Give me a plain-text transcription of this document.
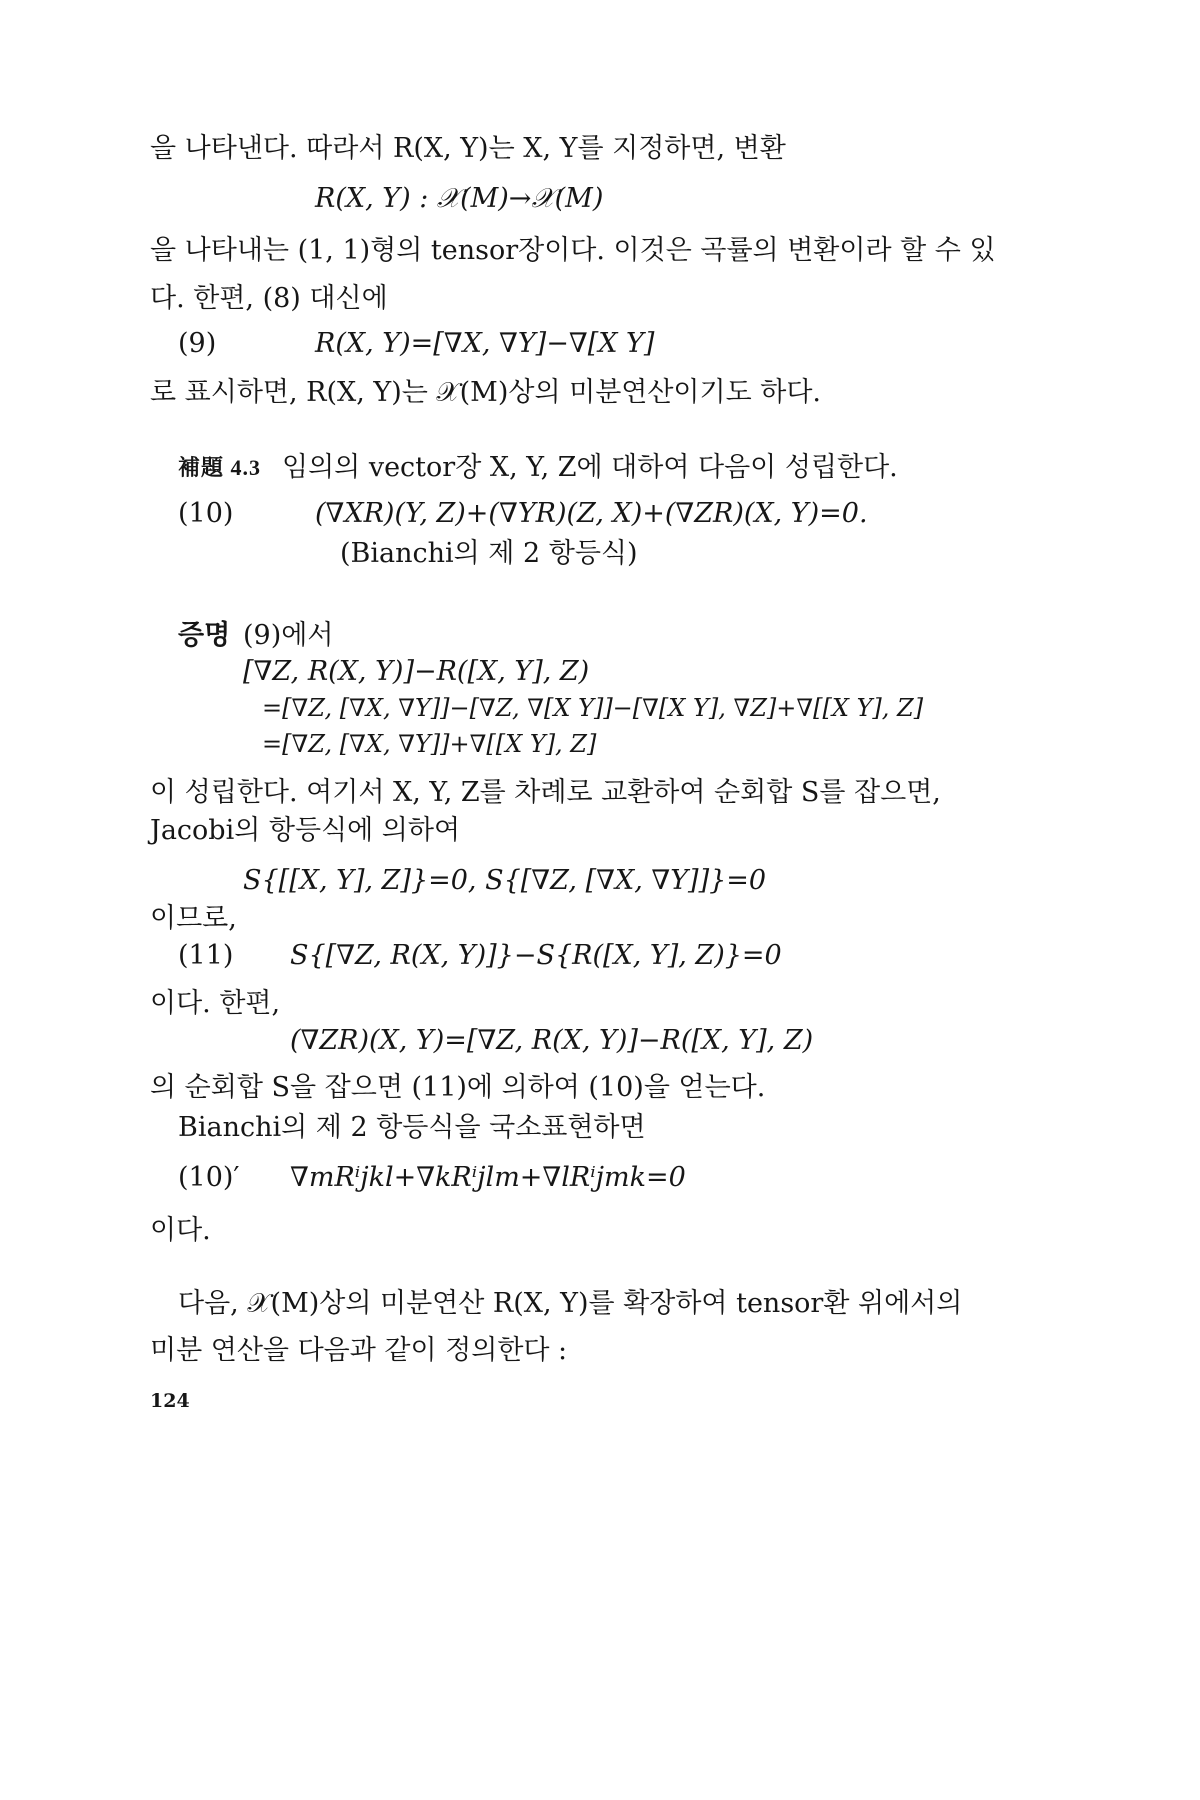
을 나타낸다. 따라서 R(X, Y)는 X, Y를 지정하면, 변환
R(X, Y) : 𝒳(M)→𝒳(M)
을 나타내는 (1, 1)형의 tensor장이다. 이것은 곡률의 변환이라 할 수 있
다. 한편, (8) 대신에
(9)	R(X, Y)=[∇X, ∇Y]−∇[X Y]
로 표시하면, R(X, Y)는 𝒳(M)상의 미분연산이기도 하다.
補題 4.3 임의의 vector장 X, Y, Z에 대하여 다음이 성립한다.
(10)	(∇XR)(Y, Z)+(∇YR)(Z, X)+(∇ZR)(X, Y)=0.
(Bianchi의 제 2 항등식)
증명 (9)에서
[∇Z, R(X, Y)]−R([X, Y], Z)
=[∇Z, [∇X, ∇Y]]−[∇Z, ∇[X Y]]−[∇[X Y], ∇Z]+∇[[X Y], Z]
=[∇Z, [∇X, ∇Y]]+∇[[X Y], Z]
이 성립한다. 여기서 X, Y, Z를 차례로 교환하여 순회합 S를 잡으면,
Jacobi의 항등식에 의하여
S{[[X, Y], Z]}=0, S{[∇Z, [∇X, ∇Y]]}=0
이므로,
(11) S{[∇Z, R(X, Y)]}−S{R([X, Y], Z)}=0
이다. 한편,
(∇ZR)(X, Y)=[∇Z, R(X, Y)]−R([X, Y], Z)
의 순회합 S을 잡으면 (11)에 의하여 (10)을 얻는다.
Bianchi의 제 2 항등식을 국소표현하면
(10)′ ∇mRⁱjkl+∇kRⁱjlm+∇lRⁱjmk=0
이다.
다음, 𝒳(M)상의 미분연산 R(X, Y)를 확장하여 tensor환 위에서의
미분 연산을 다음과 같이 정의한다 :
124
